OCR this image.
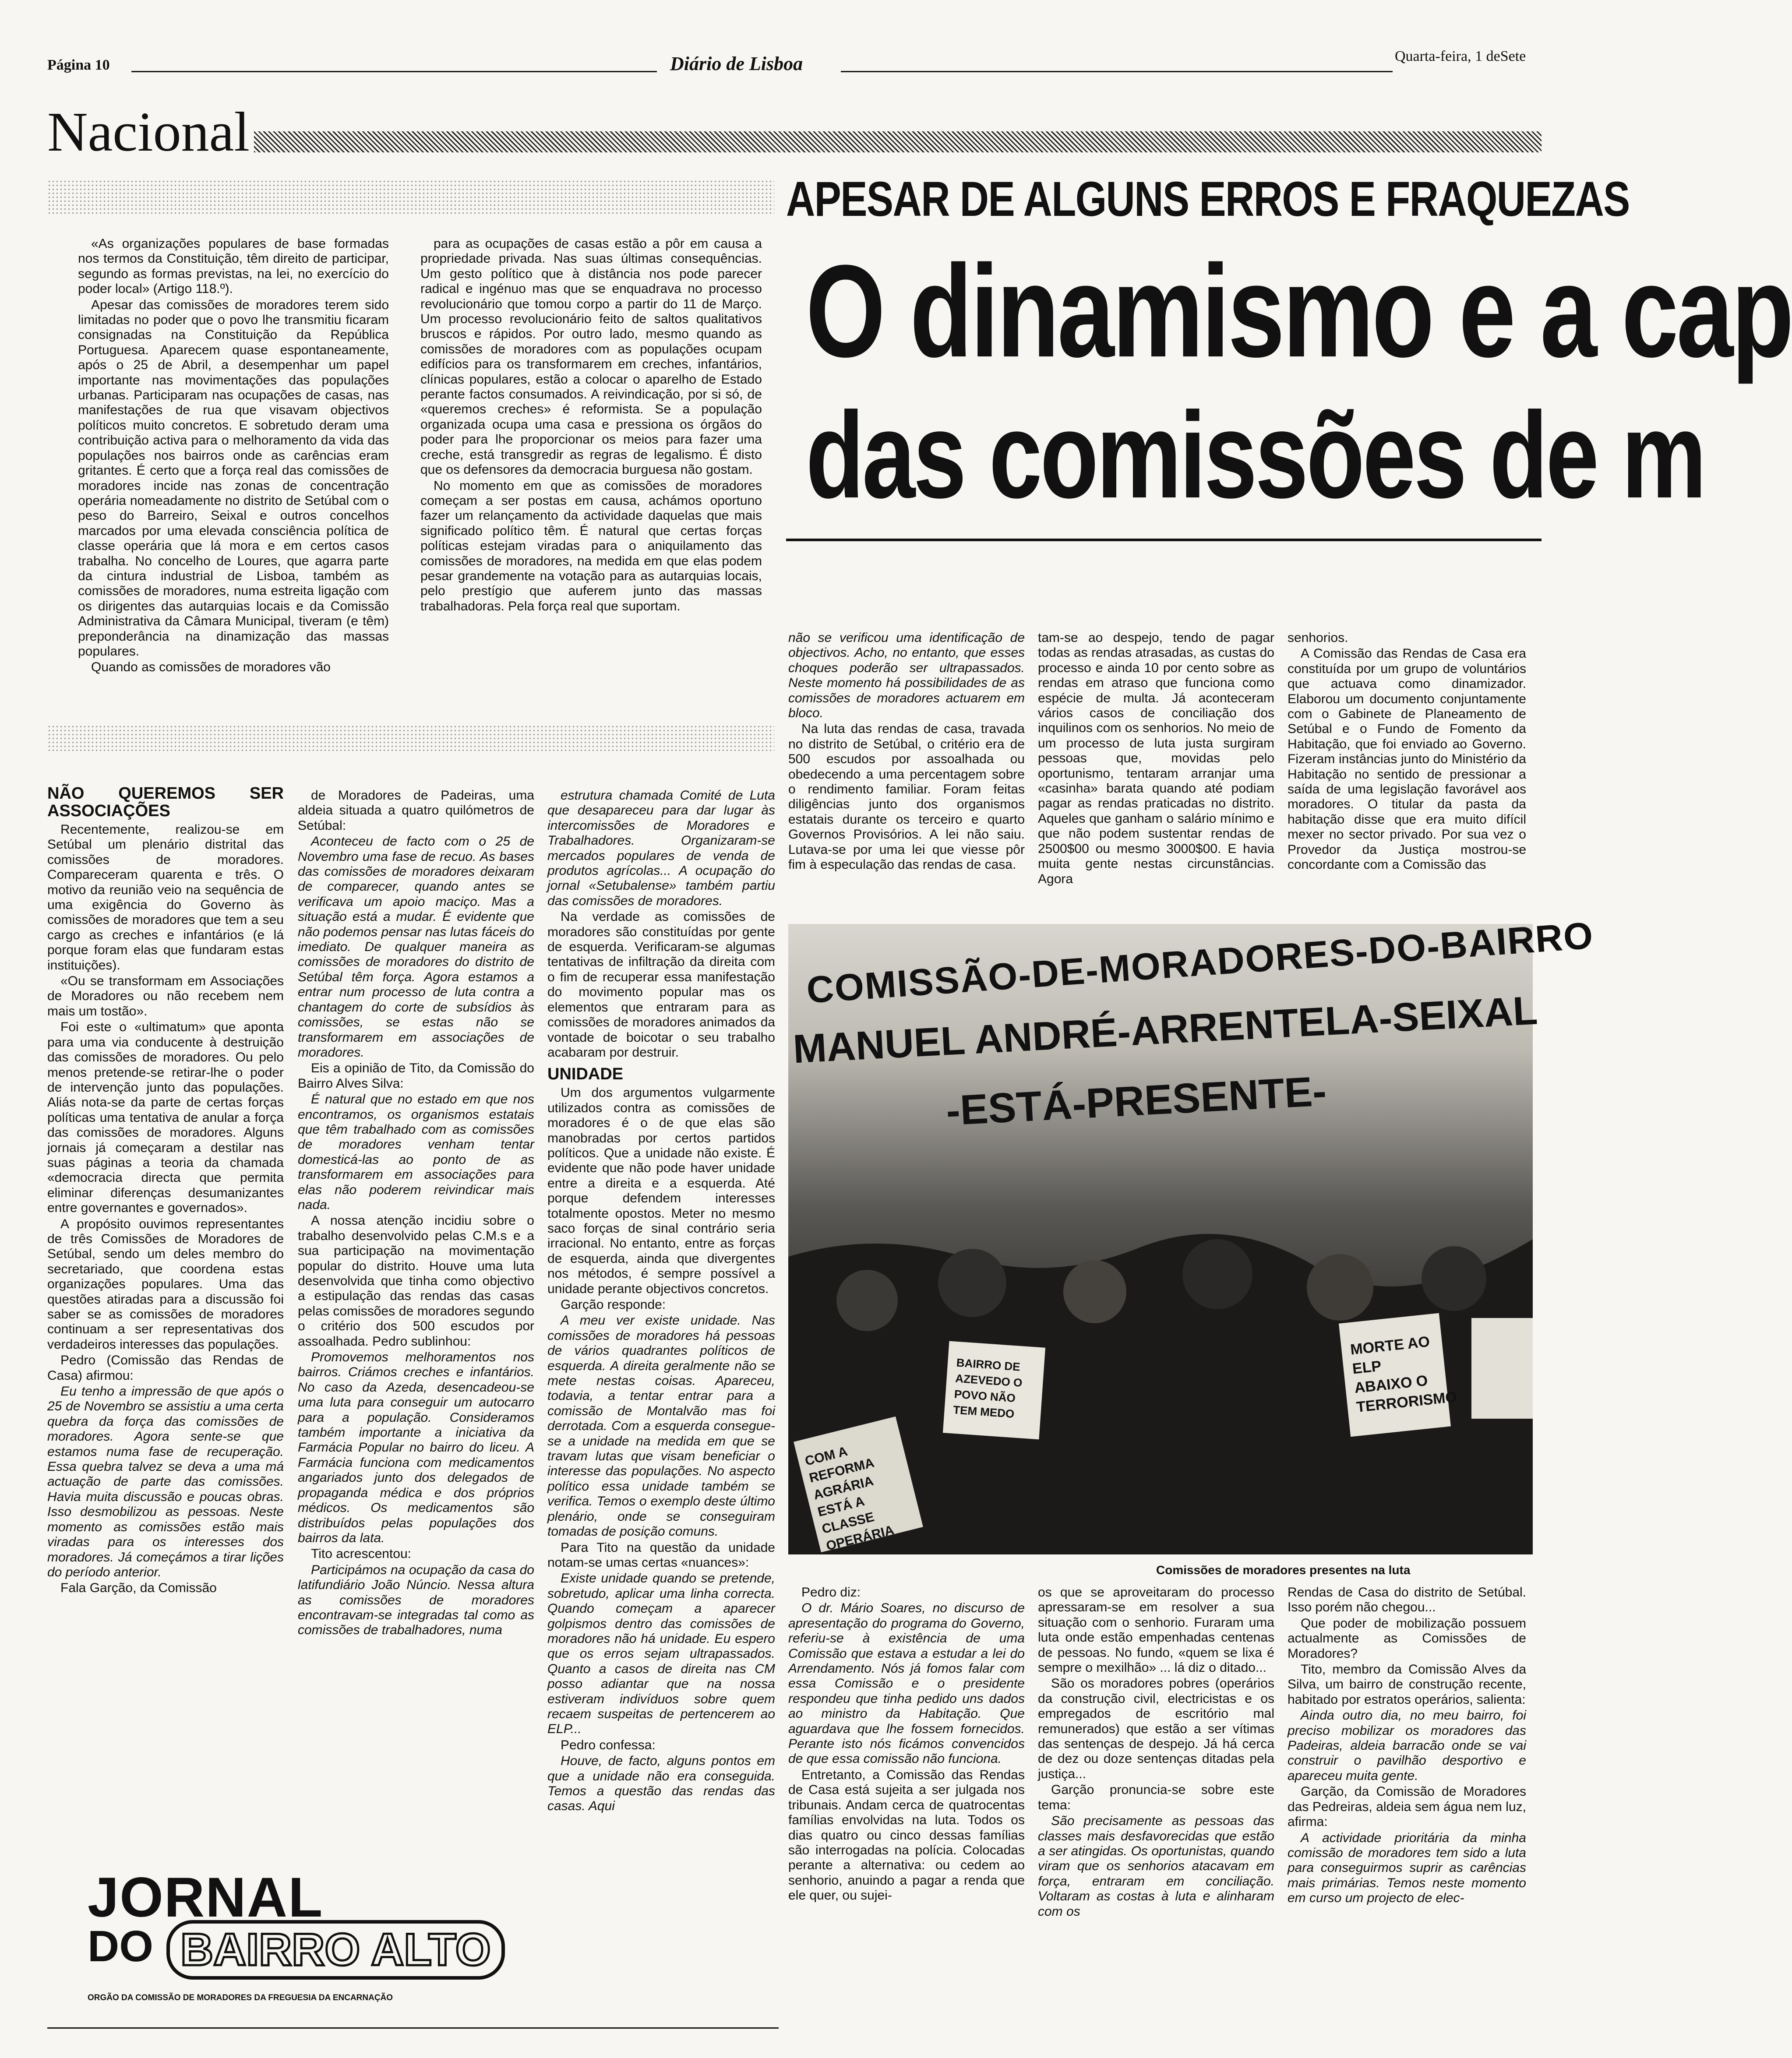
Página 10	Diário de Lisboa	Quarta-feira, 1 deSete
Nacional
APESAR DE ALGUNS ERROS E FRAQUEZAS
O dinamismo e a cap
das comissões de m

«As organizações populares de base formadas nos termos da Constituição, têm direito de participar, segundo as formas previstas, na lei, no exercício do poder local» (Artigo 118.º).

Apesar das comissões de moradores terem sido limitadas no poder que o povo lhe transmitiu ficaram consignadas na Constituição da República Portuguesa. Aparecem quase espontaneamente, após o 25 de Abril, a desempenhar um papel importante nas movimentações das populações urbanas. Participaram nas ocupações de casas, nas manifestações de rua que visavam objectivos políticos muito concretos. E sobretudo deram uma contribuição activa para o melhoramento da vida das populações nos bairros onde as carências eram gritantes. É certo que a força real das comissões de moradores incide nas zonas de concentração operária nomeadamente no distrito de Setúbal com o peso do Barreiro, Seixal e outros concelhos marcados por uma elevada consciência política de classe operária que lá mora e em certos casos trabalha. No concelho de Loures, que agarra parte da cintura industrial de Lisboa, também as comissões de moradores, numa estreita ligação com os dirigentes das autarquias locais e da Comissão Administrativa da Câmara Municipal, tiveram (e têm) preponderância na dinamização das massas populares.

Quando as comissões de moradores vão

para as ocupações de casas estão a pôr em causa a propriedade privada. Nas suas últimas consequências. Um gesto político que à distância nos pode parecer radical e ingénuo mas que se enquadrava no processo revolucionário que tomou corpo a partir do 11 de Março. Um processo revolucionário feito de saltos qualitativos bruscos e rápidos. Por outro lado, mesmo quando as comissões de moradores com as populações ocupam edifícios para os transformarem em creches, infantários, clínicas populares, estão a colocar o aparelho de Estado perante factos consumados. A reivindicação, por si só, de «queremos creches» é reformista. Se a população organizada ocupa uma casa e pressiona os órgãos do poder para lhe proporcionar os meios para fazer uma creche, está transgredir as regras de legalismo. É disto que os defensores da democracia burguesa não gostam.

No momento em que as comissões de moradores começam a ser postas em causa, achámos oportuno fazer um relançamento da actividade daquelas que mais significado político têm. É natural que certas forças políticas estejam viradas para o aniquilamento das comissões de moradores, na medida em que elas podem pesar grandemente na votação para as autarquias locais, pelo prestígio que auferem junto das massas trabalhadoras. Pela força real que suportam.

NÃO QUEREMOS SER ASSOCIAÇÕES

Recentemente, realizou-se em Setúbal um plenário distrital das comissões de moradores. Compareceram quarenta e três. O motivo da reunião veio na sequência de uma exigência do Governo às comissões de moradores que tem a seu cargo as creches e infantários (e lá porque foram elas que fundaram estas instituições).

«Ou se transformam em Associações de Moradores ou não recebem nem mais um tostão».

Foi este o «ultimatum» que aponta para uma via conducente à destruição das comissões de moradores. Ou pelo menos pretende-se retirar-lhe o poder de intervenção junto das populações. Aliás nota-se da parte de certas forças políticas uma tentativa de anular a força das comissões de moradores. Alguns jornais já começaram a destilar nas suas páginas a teoria da chamada «democracia directa que permita eliminar diferenças desumanizantes entre governantes e governados».

A propósito ouvimos representantes de três Comissões de Moradores de Setúbal, sendo um deles membro do secretariado, que coordena estas organizações populares. Uma das questões atiradas para a discussão foi saber se as comissões de moradores continuam a ser representativas dos verdadeiros interesses das populações.

Pedro (Comissão das Rendas de Casa) afirmou:

Eu tenho a impressão de que após o 25 de Novembro se assistiu a uma certa quebra da força das comissões de moradores. Agora sente-se que estamos numa fase de recuperação. Essa quebra talvez se deva a uma má actuação de parte das comissões. Havia muita discussão e poucas obras. Isso desmobilizou as pessoas. Neste momento as comissões estão mais viradas para os interesses dos moradores. Já começámos a tirar lições do período anterior.

Fala Garção, da Comissão

de Moradores de Padeiras, uma aldeia situada a quatro quilómetros de Setúbal:

Aconteceu de facto com o 25 de Novembro uma fase de recuo. As bases das comissões de moradores deixaram de comparecer, quando antes se verificava um apoio maciço. Mas a situação está a mudar. É evidente que não podemos pensar nas lutas fáceis do imediato. De qualquer maneira as comissões de moradores do distrito de Setúbal têm força. Agora estamos a entrar num processo de luta contra a chantagem do corte de subsídios às comissões, se estas não se transformarem em associações de moradores.

Eis a opinião de Tito, da Comissão do Bairro Alves Silva:

É natural que no estado em que nos encontramos, os organismos estatais que têm trabalhado com as comissões de moradores venham tentar domesticá-las ao ponto de as transformarem em associações para elas não poderem reivindicar mais nada.

A nossa atenção incidiu sobre o trabalho desenvolvido pelas C.M.s e a sua participação na movimentação popular do distrito. Houve uma luta desenvolvida que tinha como objectivo a estipulação das rendas das casas pelas comissões de moradores segundo o critério dos 500 escudos por assoalhada. Pedro sublinhou:

Promovemos melhoramentos nos bairros. Criámos creches e infantários. No caso da Azeda, desencadeou-se uma luta para conseguir um autocarro para a população. Consideramos também importante a iniciativa da Farmácia Popular no bairro do liceu. A Farmácia funciona com medicamentos angariados junto dos delegados de propaganda médica e dos próprios médicos. Os medicamentos são distribuídos pelas populações dos bairros da lata.

Tito acrescentou:

Participámos na ocupação da casa do latifundiário João Núncio. Nessa altura as comissões de moradores encontravam-se integradas tal como as comissões de trabalhadores, numa

estrutura chamada Comité de Luta que desapareceu para dar lugar às intercomissões de Moradores e Trabalhadores. Organizaram-se mercados populares de venda de produtos agrícolas... A ocupação do jornal «Setubalense» também partiu das comissões de moradores.

Na verdade as comissões de moradores são constituídas por gente de esquerda. Verificaram-se algumas tentativas de infiltração da direita com o fim de recuperar essa manifestação do movimento popular mas os elementos que entraram para as comissões de moradores animados da vontade de boicotar o seu trabalho acabaram por destruir.

UNIDADE

Um dos argumentos vulgarmente utilizados contra as comissões de moradores é o de que elas são manobradas por certos partidos políticos. Que a unidade não existe. É evidente que não pode haver unidade entre a direita e a esquerda. Até porque defendem interesses totalmente opostos. Meter no mesmo saco forças de sinal contrário seria irracional. No entanto, entre as forças de esquerda, ainda que divergentes nos métodos, é sempre possível a unidade perante objectivos concretos.

Garção responde:

A meu ver existe unidade. Nas comissões de moradores há pessoas de vários quadrantes políticos de esquerda. A direita geralmente não se mete nestas coisas. Apareceu, todavia, a tentar entrar para a comissão de Montalvão mas foi derrotada. Com a esquerda consegue-se a unidade na medida em que se travam lutas que visam beneficiar o interesse das populações. No aspecto político essa unidade também se verifica. Temos o exemplo deste último plenário, onde se conseguiram tomadas de posição comuns.

Para Tito na questão da unidade notam-se umas certas «nuances»:

Existe unidade quando se pretende, sobretudo, aplicar uma linha correcta. Quando começam a aparecer golpismos dentro das comissões de moradores não há unidade. Eu espero que os erros sejam ultrapassados. Quanto a casos de direita nas CM posso adiantar que na nossa estiveram indivíduos sobre quem recaem suspeitas de pertencerem ao ELP...

Pedro confessa:

Houve, de facto, alguns pontos em que a unidade não era conseguida. Temos a questão das rendas das casas. Aqui

não se verificou uma identificação de objectivos. Acho, no entanto, que esses choques poderão ser ultrapassados. Neste momento há possibilidades de as comissões de moradores actuarem em bloco.

Na luta das rendas de casa, travada no distrito de Setúbal, o critério era de 500 escudos por assoalhada ou obedecendo a uma percentagem sobre o rendimento familiar. Foram feitas diligências junto dos organismos estatais durante os terceiro e quarto Governos Provisórios. A lei não saiu. Lutava-se por uma lei que viesse pôr fim à especulação das rendas de casa.

tam-se ao despejo, tendo de pagar todas as rendas atrasadas, as custas do processo e ainda 10 por cento sobre as rendas em atraso que funciona como espécie de multa. Já aconteceram vários casos de conciliação dos inquilinos com os senhorios. No meio de um processo de luta justa surgiram pessoas que, movidas pelo oportunismo, tentaram arranjar uma «casinha» barata quando até podiam pagar as rendas praticadas no distrito. Aqueles que ganham o salário mínimo e que não podem sustentar rendas de 2500$00 ou mesmo 3000$00. E havia muita gente nestas circunstâncias. Agora

senhorios.

A Comissão das Rendas de Casa era constituída por um grupo de voluntários que actuava como dinamizador. Elaborou um documento conjuntamente com o Gabinete de Planeamento de Setúbal e o Fundo de Fomento da Habitação, que foi enviado ao Governo. Fizeram instâncias junto do Ministério da Habitação no sentido de pressionar a saída de uma legislação favorável aos moradores. O titular da pasta da habitação disse que era muito difícil mexer no sector privado. Por sua vez o Provedor da Justiça mostrou-se concordante com a Comissão das

COMISSÃO-DE-MORADORES-DO-BAIRRO
MANUEL ANDRÉ-ARRENTELA-SEIXAL
-ESTÁ-PRESENTE-
MORTE AO ELP ABAIXO O TERRORISMO
COM A REFORMA AGRÁRIA ESTÁ A CLASSE OPERÁRIA
BAIRRO DE AZEVEDO O POVO NÃO TEM MEDO
Comissões de moradores presentes na luta

Pedro diz:

O dr. Mário Soares, no discurso de apresentação do programa do Governo, referiu-se à existência de uma Comissão que estava a estudar a lei do Arrendamento. Nós já fomos falar com essa Comissão e o presidente respondeu que tinha pedido uns dados ao ministro da Habitação. Que aguardava que lhe fossem fornecidos. Perante isto nós ficámos convencidos de que essa comissão não funciona.

Entretanto, a Comissão das Rendas de Casa está sujeita a ser julgada nos tribunais. Andam cerca de quatrocentas famílias envolvidas na luta. Todos os dias quatro ou cinco dessas famílias são interrogadas na polícia. Colocadas perante a alternativa: ou cedem ao senhorio, anuindo a pagar a renda que ele quer, ou sujei-

os que se aproveitaram do processo apressaram-se em resolver a sua situação com o senhorio. Furaram uma luta onde estão empenhadas centenas de pessoas. No fundo, «quem se lixa é sempre o mexilhão» ... lá diz o ditado...

São os moradores pobres (operários da construção civil, electricistas e os empregados de escritório mal remunerados) que estão a ser vítimas das sentenças de despejo. Já há cerca de dez ou doze sentenças ditadas pela justiça...

Garção pronuncia-se sobre este tema:

São precisamente as pessoas das classes mais desfavorecidas que estão a ser atingidas. Os oportunistas, quando viram que os senhorios atacavam em força, entraram em conciliação. Voltaram as costas à luta e alinharam com os

Rendas de Casa do distrito de Setúbal. Isso porém não chegou...

Que poder de mobilização possuem actualmente as Comissões de Moradores?

Tito, membro da Comissão Alves da Silva, um bairro de construção recente, habitado por estratos operários, salienta:

Ainda outro dia, no meu bairro, foi preciso mobilizar os moradores das Padeiras, aldeia barracão onde se vai construir o pavilhão desportivo e apareceu muita gente.

Garção, da Comissão de Moradores das Pedreiras, aldeia sem água nem luz, afirma:

A actividade prioritária da minha comissão de moradores tem sido a luta para conseguirmos suprir as carências mais primárias. Temos neste momento em curso um projecto de elec-

JORNAL
DO BAIRRO ALTO
ORGÃO DA COMISSÃO DE MORADORES DA FREGUESIA DA ENCARNAÇÃO
